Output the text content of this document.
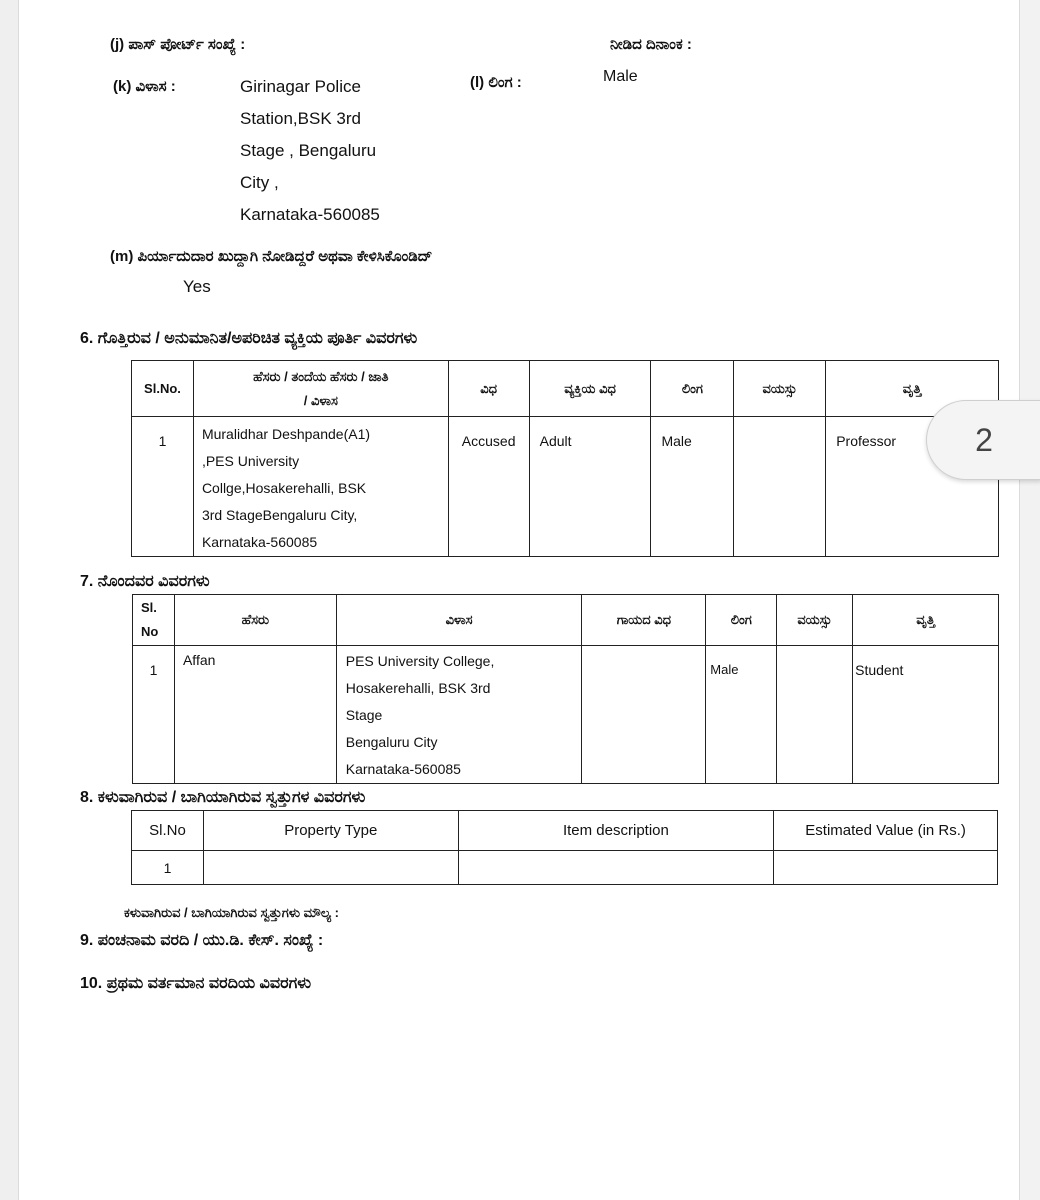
(j) ಪಾಸ್ ಪೋರ್ಟ್ ಸಂಖ್ಯೆ :	ನೀಡಿದ ದಿನಾಂಕ :
(k) ವಿಳಾಸ :	Girinagar Police
Station,BSK 3rd
Stage , Bengaluru
City ,
Karnataka-560085
(l) ಲಿಂಗ :	Male
(m) ಪಿರ್ಯಾದುದಾರ ಖುದ್ದಾಗಿ ನೋಡಿದ್ದರೆ ಅಥವಾ ಕೇಳಿಸಿಕೊಂಡಿದ್
Yes
6. ಗೊತ್ತಿರುವ / ಅನುಮಾನಿತ/ಅಪರಿಚಿತ ವ್ಯಕ್ತಿಯ ಪೂರ್ತಿ ವಿವರಗಳು
Sl.No.	ಹೆಸರು / ತಂದೆಯ ಹೆಸರು / ಜಾತಿ
/ ವಿಳಾಸ	ವಿಧ	ವ್ಯಕ್ತಿಯ ವಿಧ	ಲಿಂಗ	ವಯಸ್ಸು	ವೃತ್ತಿ
1	Muralidhar Deshpande(A1)
,PES University
Collge,Hosakerehalli, BSK
3rd StageBengaluru City,
Karnataka-560085	Accused	Adult	Male		Professor
7. ನೊಂದವರ ವಿವರಗಳು
Sl.
No	ಹೆಸರು	ವಿಳಾಸ	ಗಾಯದ ವಿಧ	ಲಿಂಗ	ವಯಸ್ಸು	ವೃತ್ತಿ
1	Affan	PES University College,
Hosakerehalli, BSK 3rd
Stage
Bengaluru City
Karnataka-560085		Male		Student
8. ಕಳುವಾಗಿರುವ / ಬಾಗಿಯಾಗಿರುವ ಸ್ವತ್ತುಗಳ ವಿವರಗಳು
Sl.No	Property Type	Item description	Estimated Value (in Rs.)
1			
ಕಳುವಾಗಿರುವ / ಬಾಗಿಯಾಗಿರುವ ಸ್ವತ್ತುಗಳು ಮೌಲ್ಯ :
9. ಪಂಚನಾಮ ವರದಿ / ಯು.ಡಿ. ಕೇಸ್. ಸಂಖ್ಯೆ :
10. ಪ್ರಥಮ ವರ್ತಮಾನ ವರದಿಯ ವಿವರಗಳು
2
